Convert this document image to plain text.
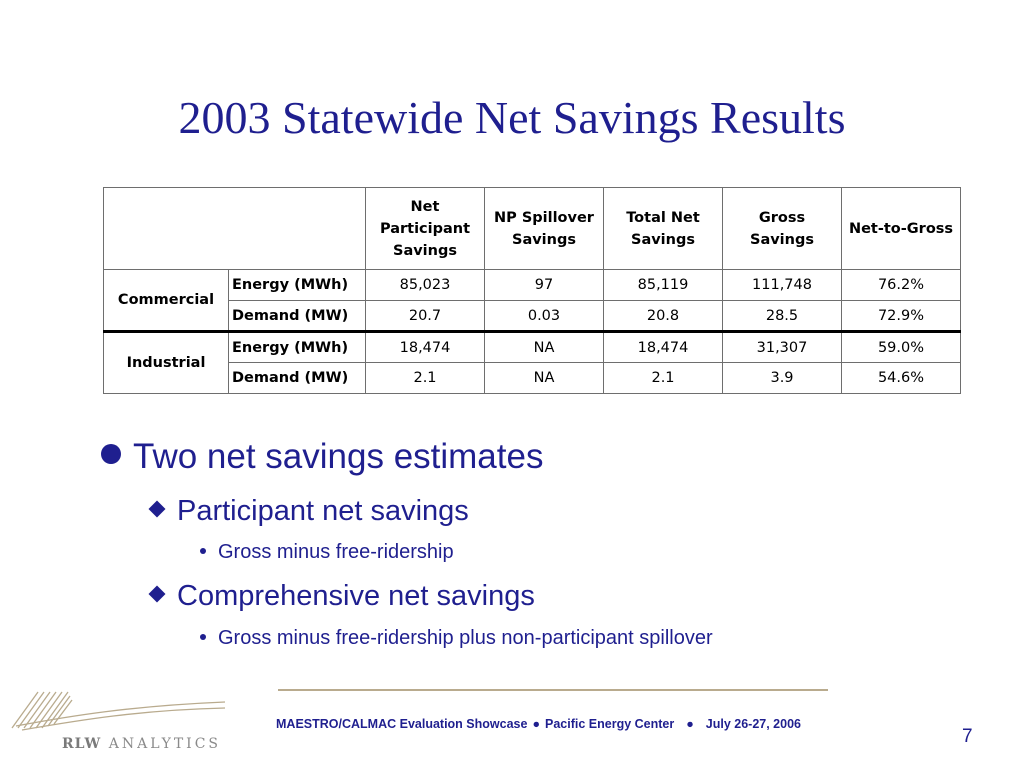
2003 Statewide Net Savings Results
		Net Participant Savings	NP Spillover Savings	Total Net Savings	Gross Savings	Net-to-Gross
Commercial	Energy (MWh)	85,023	97	85,119	111,748	76.2%
	Demand (MW)	20.7	0.03	20.8	28.5	72.9%
Industrial	Energy (MWh)	18,474	NA	18,474	31,307	59.0%
	Demand (MW)	2.1	NA	2.1	3.9	54.6%
Two net savings estimates
Participant net savings
Gross minus free-ridership
Comprehensive net savings
Gross minus free-ridership plus non-participant spillover
RLW ANALYTICS
MAESTRO/CALMAC Evaluation Showcase ● Pacific Energy Center ● July 26-27, 2006
7
